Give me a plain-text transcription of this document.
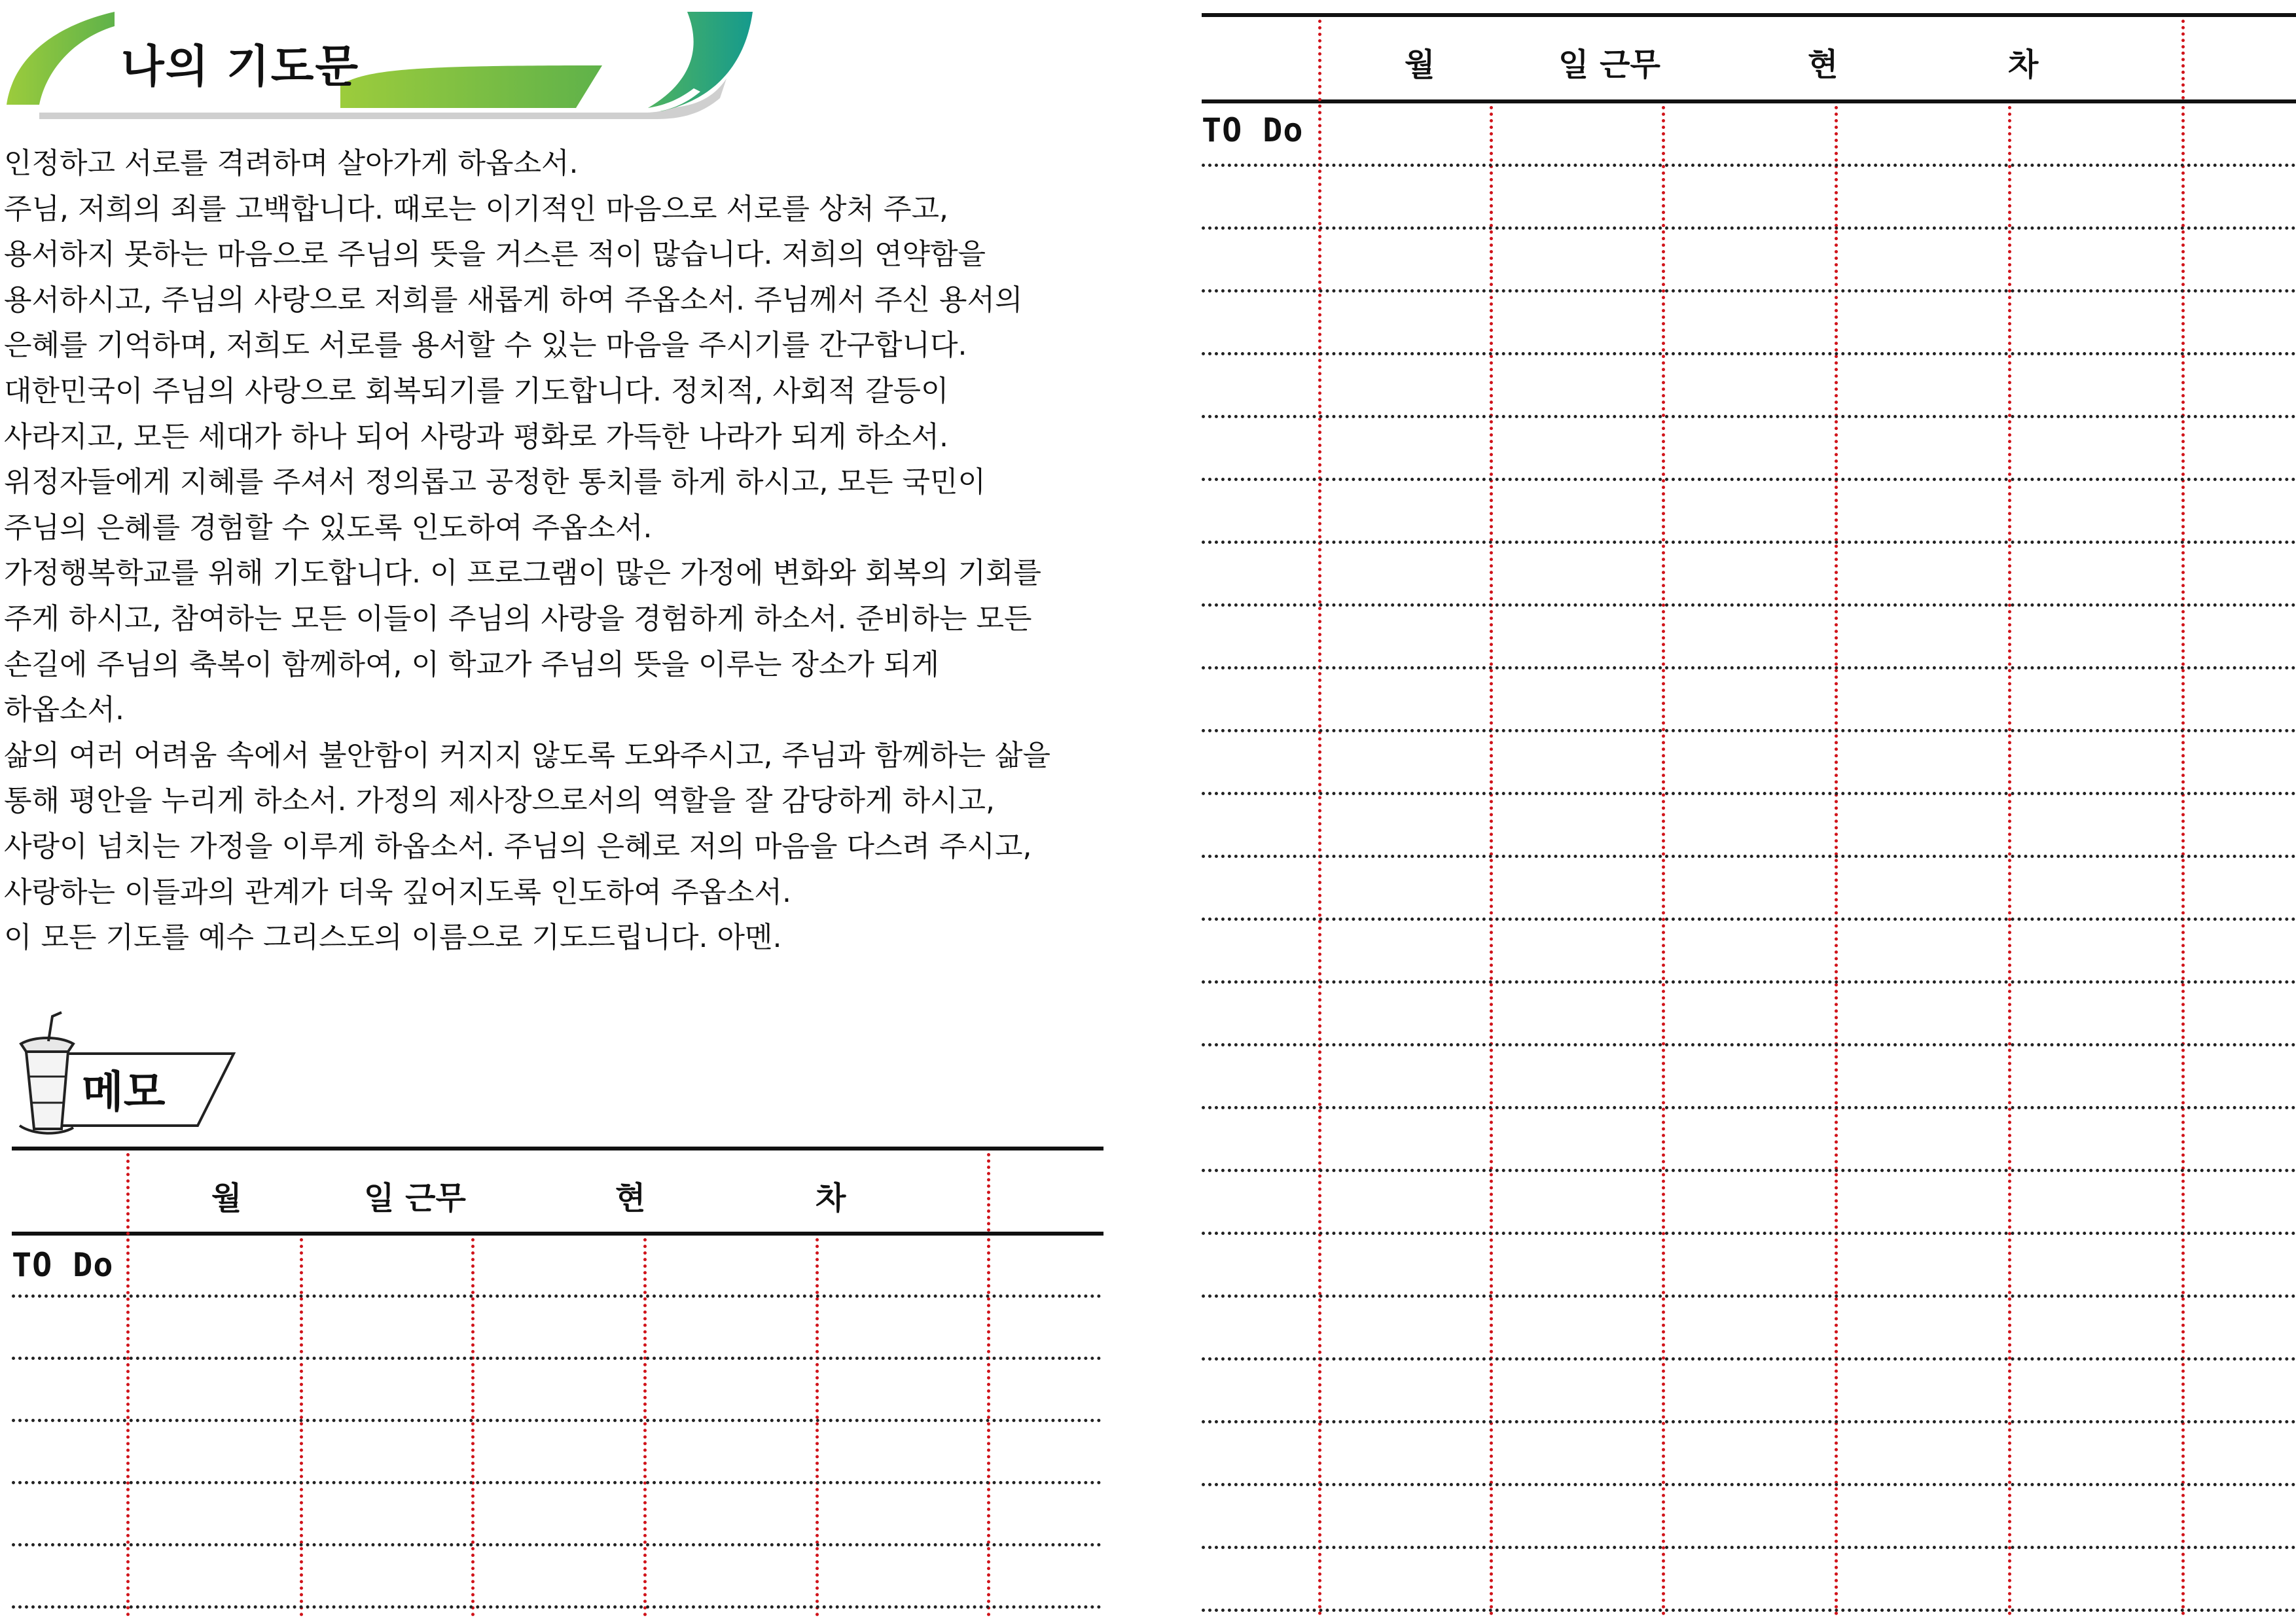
나의 기도문
인정하고 서로를 격려하며 살아가게 하옵소서.
주님, 저희의 죄를 고백합니다. 때로는 이기적인 마음으로 서로를 상처 주고,
용서하지 못하는 마음으로 주님의 뜻을 거스른 적이 많습니다. 저희의 연약함을
용서하시고, 주님의 사랑으로 저희를 새롭게 하여 주옵소서. 주님께서 주신 용서의
은혜를 기억하며, 저희도 서로를 용서할 수 있는 마음을 주시기를 간구합니다.
대한민국이 주님의 사랑으로 회복되기를 기도합니다. 정치적, 사회적 갈등이
사라지고, 모든 세대가 하나 되어 사랑과 평화로 가득한 나라가 되게 하소서.
위정자들에게 지혜를 주셔서 정의롭고 공정한 통치를 하게 하시고, 모든 국민이
주님의 은혜를 경험할 수 있도록 인도하여 주옵소서.
가정행복학교를 위해 기도합니다. 이 프로그램이 많은 가정에 변화와 회복의 기회를
주게 하시고, 참여하는 모든 이들이 주님의 사랑을 경험하게 하소서. 준비하는 모든
손길에 주님의 축복이 함께하여, 이 학교가 주님의 뜻을 이루는 장소가 되게
하옵소서.
삶의 여러 어려움 속에서 불안함이 커지지 않도록 도와주시고, 주님과 함께하는 삶을
통해 평안을 누리게 하소서. 가정의 제사장으로서의 역할을 잘 감당하게 하시고,
사랑이 넘치는 가정을 이루게 하옵소서. 주님의 은혜로 저의 마음을 다스려 주시고,
사랑하는 이들과의 관계가 더욱 깊어지도록 인도하여 주옵소서.
이 모든 기도를 예수 그리스도의 이름으로 기도드립니다. 아멘.
메모
월	일 근무	현	차
TO Do
월	일 근무	현	차
TO Do
